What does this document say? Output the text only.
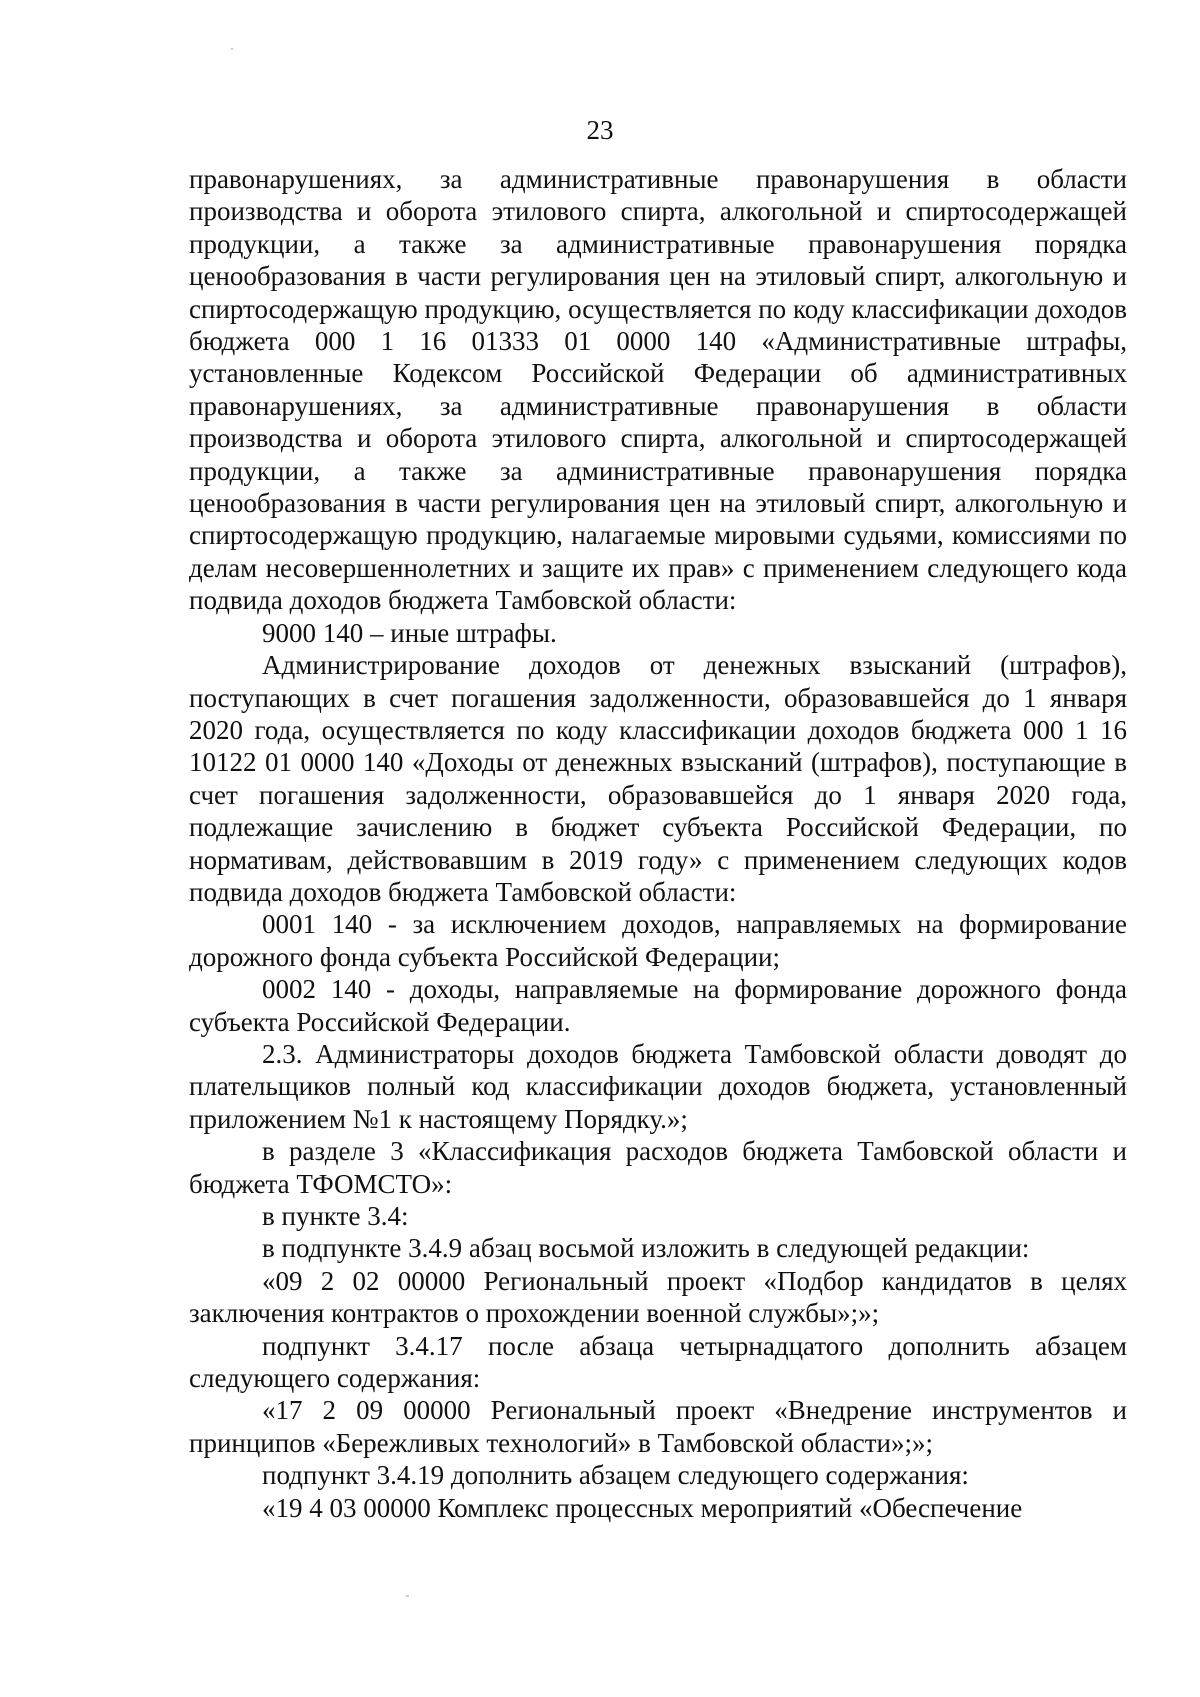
23

правонарушениях, за административные правонарушения в области производства и оборота этилового спирта, алкогольной и спиртосодержащей продукции, а также за административные правонарушения порядка ценообразования в части регулирования цен на этиловый спирт, алкогольную и спиртосодержащую продукцию, осуществляется по коду классификации доходов бюджета 000 1 16 01333 01 0000 140 «Административные штрафы, установленные Кодексом Российской Федерации об административных правонарушениях, за административные правонарушения в области производства и оборота этилового спирта, алкогольной и спиртосодержащей продукции, а также за административные правонарушения порядка ценообразования в части регулирования цен на этиловый спирт, алкогольную и спиртосодержащую продукцию, налагаемые мировыми судьями, комиссиями по делам несовершеннолетних и защите их прав» с применением следующего кода подвида доходов бюджета Тамбовской области:

9000 140 – иные штрафы.

Администрирование доходов от денежных взысканий (штрафов), поступающих в счет погашения задолженности, образовавшейся до 1 января 2020 года, осуществляется по коду классификации доходов бюджета 000 1 16 10122 01 0000 140 «Доходы от денежных взысканий (штрафов), поступающие в счет погашения задолженности, образовавшейся до 1 января 2020 года, подлежащие зачислению в бюджет субъекта Российской Федерации, по нормативам, действовавшим в 2019 году» с применением следующих кодов подвида доходов бюджета Тамбовской области:

0001 140 - за исключением доходов, направляемых на формирование дорожного фонда субъекта Российской Федерации;

0002 140 - доходы, направляемые на формирование дорожного фонда субъекта Российской Федерации.

2.3. Администраторы доходов бюджета Тамбовской области доводят до плательщиков полный код классификации доходов бюджета, установленный приложением №1 к настоящему Порядку.»;

в разделе 3 «Классификация расходов бюджета Тамбовской области и бюджета ТФОМСТО»:

в пункте 3.4:

в подпункте 3.4.9 абзац восьмой изложить в следующей редакции:

«09 2 02 00000 Региональный проект «Подбор кандидатов в целях заключения контрактов о прохождении военной службы»;»;

подпункт 3.4.17 после абзаца четырнадцатого дополнить абзацем следующего содержания:

«17 2 09 00000 Региональный проект «Внедрение инструментов и принципов «Бережливых технологий» в Тамбовской области»;»;

подпункт 3.4.19 дополнить абзацем следующего содержания:

«19 4 03 00000 Комплекс процессных мероприятий «Обеспечение
